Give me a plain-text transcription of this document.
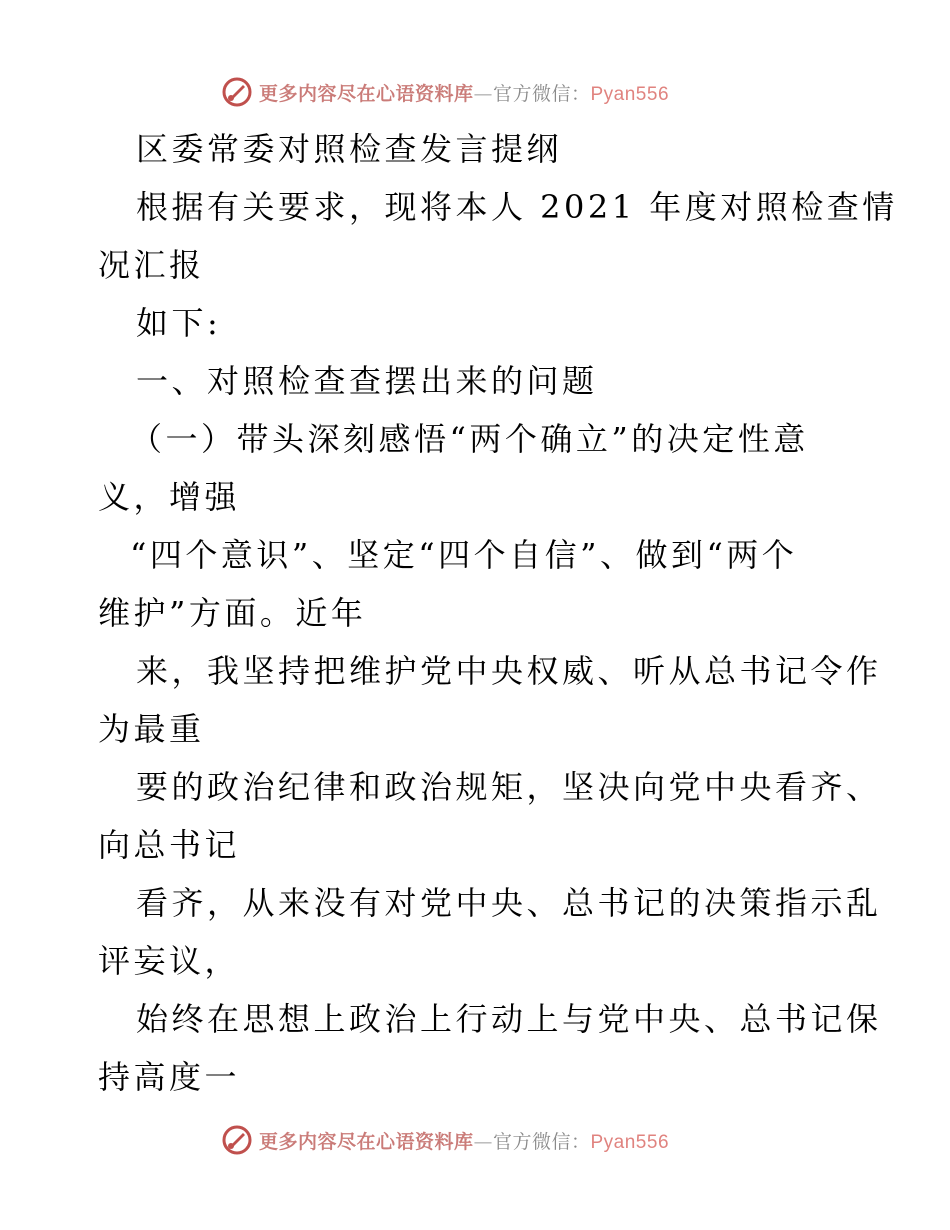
更多内容尽在心语资料库—官方微信：Pyan556
区委常委对照检查发言提纲
根据有关要求，现将本人 2021 年度对照检查情
况汇报
如下:
一、对照检查查摆出来的问题
（一）带头深刻感悟“两个确立”的决定性意
义，增强
“四个意识”、坚定“四个自信”、做到“两个
维护”方面。近年
来，我坚持把维护党中央权威、听从总书记令作
为最重
要的政治纪律和政治规矩，坚决向党中央看齐、
向总书记
看齐，从来没有对党中央、总书记的决策指示乱
评妄议，
始终在思想上政治上行动上与党中央、总书记保
持高度一
更多内容尽在心语资料库—官方微信：Pyan556
